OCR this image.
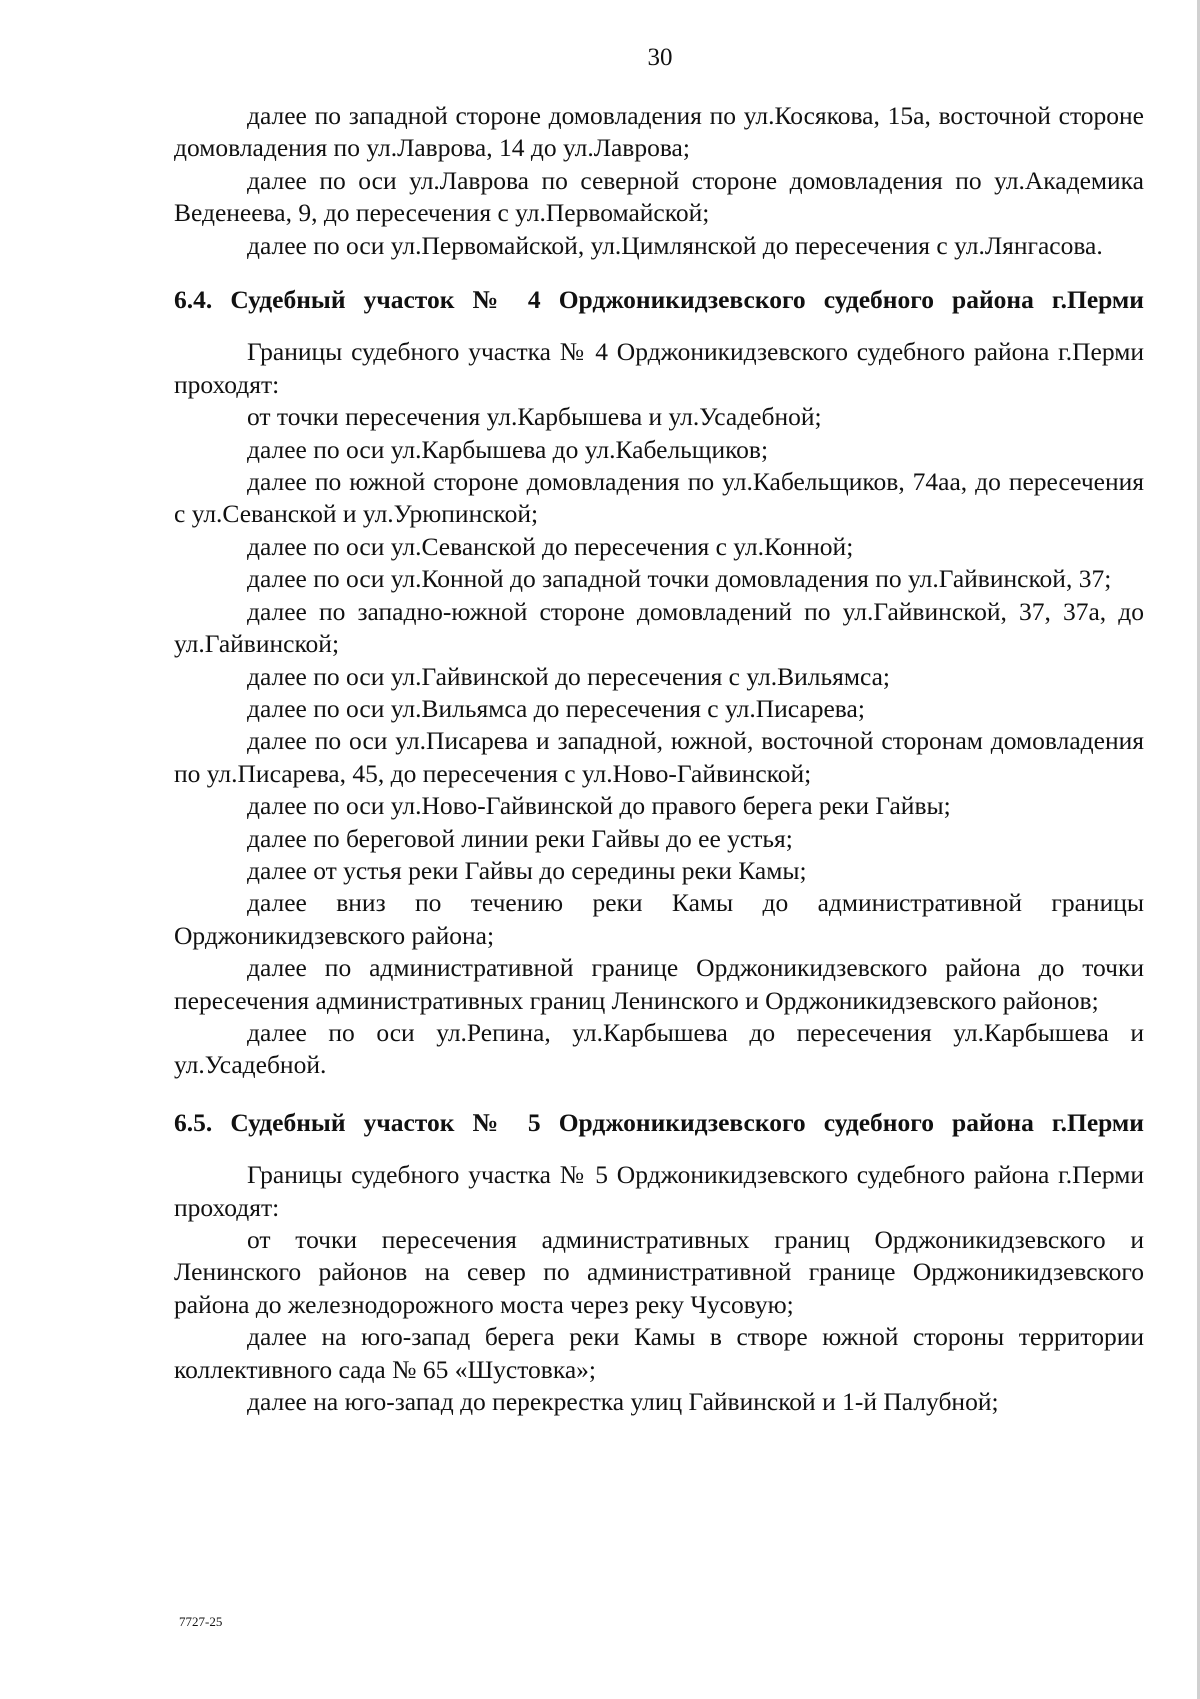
30

далее по западной стороне домовладения по ул.Косякова, 15а, восточной стороне домовладения по ул.Лаврова, 14 до ул.Лаврова;

далее по оси ул.Лаврова по северной стороне домовладения по ул.Академика Веденеева, 9, до пересечения с ул.Первомайской;

далее по оси ул.Первомайской, ул.Цимлянской до пересечения с ул.Лянгасова.

6.4. Судебный участок № 4 Орджоникидзевского судебного района г.Перми

Границы судебного участка № 4 Орджоникидзевского судебного района г.Перми проходят:

от точки пересечения ул.Карбышева и ул.Усадебной;

далее по оси ул.Карбышева до ул.Кабельщиков;

далее по южной стороне домовладения по ул.Кабельщиков, 74аа, до пересечения с ул.Севанской и ул.Урюпинской;

далее по оси ул.Севанской до пересечения с ул.Конной;

далее по оси ул.Конной до западной точки домовладения по ул.Гайвинской, 37;

далее по западно-южной стороне домовладений по ул.Гайвинской, 37, 37а, до ул.Гайвинской;

далее по оси ул.Гайвинской до пересечения с ул.Вильямса;

далее по оси ул.Вильямса до пересечения с ул.Писарева;

далее по оси ул.Писарева и западной, южной, восточной сторонам домовладения по ул.Писарева, 45, до пересечения с ул.Ново-Гайвинской;

далее по оси ул.Ново-Гайвинской до правого берега реки Гайвы;

далее по береговой линии реки Гайвы до ее устья;

далее от устья реки Гайвы до середины реки Камы;

далее вниз по течению реки Камы до административной границы Орджоникидзевского района;

далее по административной границе Орджоникидзевского района до точки пересечения административных границ Ленинского и Орджоникидзевского районов;

далее по оси ул.Репина, ул.Карбышева до пересечения ул.Карбышева и ул.Усадебной.

6.5. Судебный участок № 5 Орджоникидзевского судебного района г.Перми

Границы судебного участка № 5 Орджоникидзевского судебного района г.Перми проходят:

от точки пересечения административных границ Орджоникидзевского и Ленинского районов на север по административной границе Орджоникидзевского района до железнодорожного моста через реку Чусовую;

далее на юго-запад берега реки Камы в створе южной стороны территории коллективного сада № 65 «Шустовка»;

далее на юго-запад до перекрестка улиц Гайвинской и 1-й Палубной;

7727-25
